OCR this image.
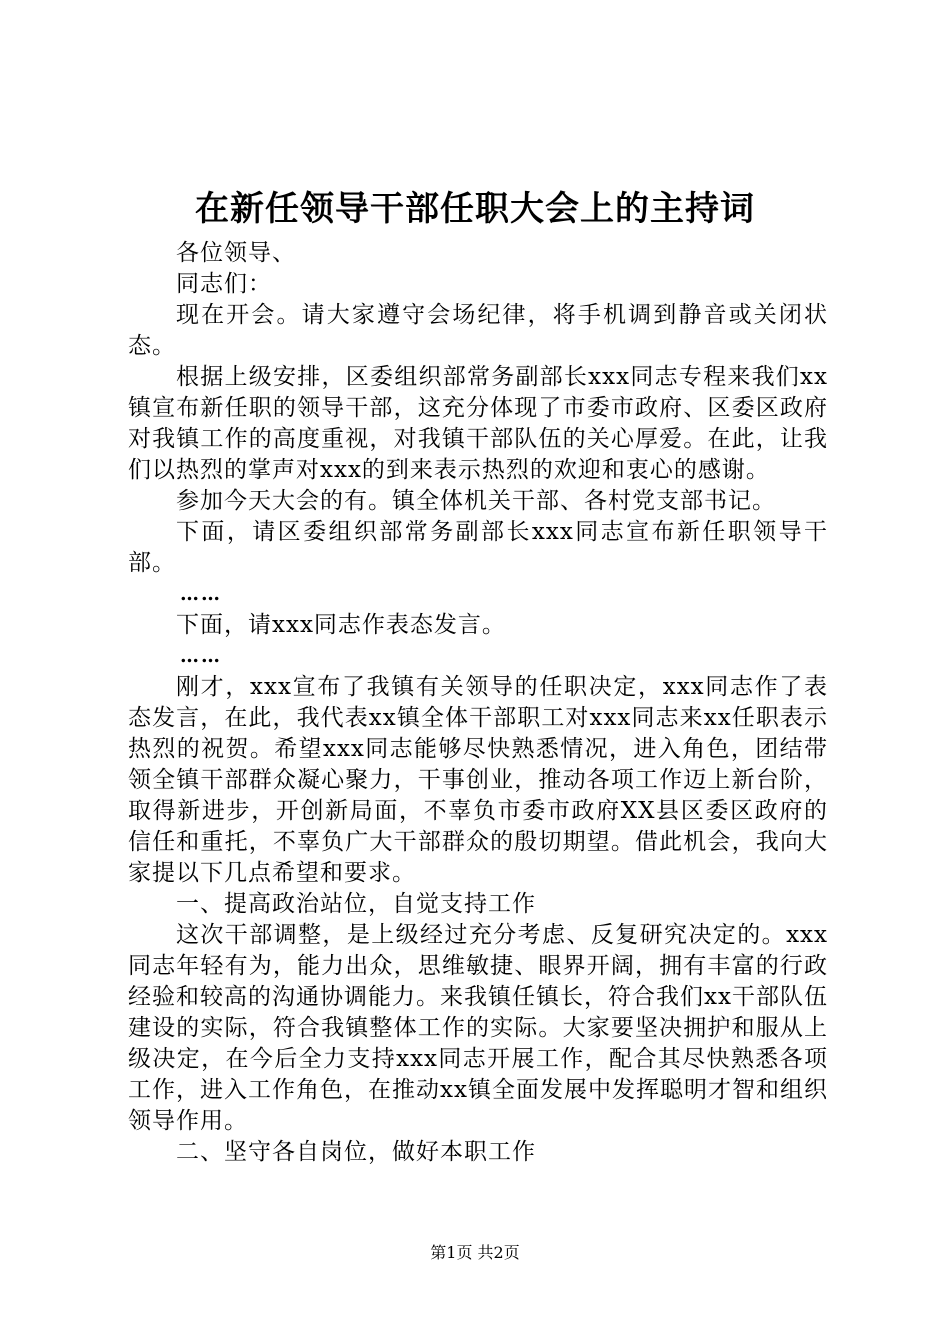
在新任领导干部任职大会上的主持词

各位领导、

同志们：

现在开会。请大家遵守会场纪律，将手机调到静音或关闭状态。

根据上级安排，区委组织部常务副部长xxx同志专程来我们xx镇宣布新任职的领导干部，这充分体现了市委市政府、区委区政府对我镇工作的高度重视，对我镇干部队伍的关心厚爱。在此，让我们以热烈的掌声对xxx的到来表示热烈的欢迎和衷心的感谢。

参加今天大会的有。镇全体机关干部、各村党支部书记。

下面，请区委组织部常务副部长xxx同志宣布新任职领导干部。

……

下面，请xxx同志作表态发言。

……

刚才，xxx宣布了我镇有关领导的任职决定，xxx同志作了表态发言，在此，我代表xx镇全体干部职工对xxx同志来xx任职表示热烈的祝贺。希望xxx同志能够尽快熟悉情况，进入角色，团结带领全镇干部群众凝心聚力，干事创业，推动各项工作迈上新台阶，取得新进步，开创新局面，不辜负市委市政府XX县区委区政府的信任和重托，不辜负广大干部群众的殷切期望。借此机会，我向大家提以下几点希望和要求。

一、提高政治站位，自觉支持工作

这次干部调整，是上级经过充分考虑、反复研究决定的。xxx同志年轻有为，能力出众，思维敏捷、眼界开阔，拥有丰富的行政经验和较高的沟通协调能力。来我镇任镇长，符合我们xx干部队伍建设的实际，符合我镇整体工作的实际。大家要坚决拥护和服从上级决定，在今后全力支持xxx同志开展工作，配合其尽快熟悉各项工作，进入工作角色，在推动xx镇全面发展中发挥聪明才智和组织领导作用。

二、坚守各自岗位，做好本职工作

第1页 共2页
